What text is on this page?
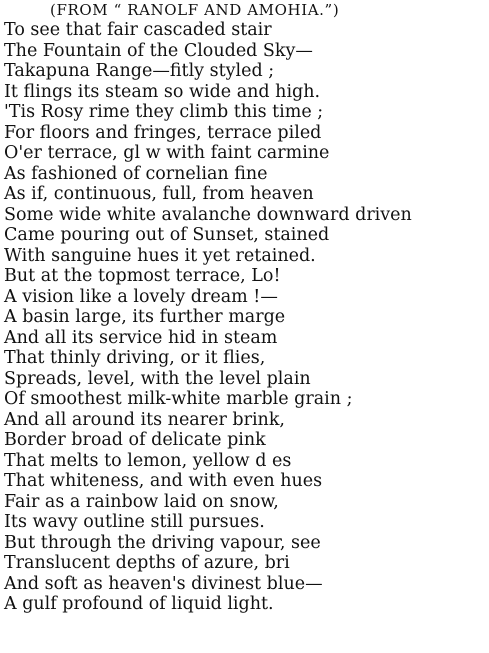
(FROM “ RANOLF AND AMOHIA.”)
To see that fair cascaded stair
The Fountain of the Clouded Sky—
Takapuna Range—fitly styled ;
It flings its steam so wide and high.
'Tis Rosy rime they climb this time ;
For floors and fringes, terrace piled
O'er terrace, gl w with faint carmine
As fashioned of cornelian fine
As if, continuous, full, from heaven
Some wide white avalanche downward driven
Came pouring out of Sunset, stained
With sanguine hues it yet retained.
But at the topmost terrace, Lo!
A vision like a lovely dream !—
A basin large, its further marge
And all its service hid in steam
That thinly driving, or it flies,
Spreads, level, with the level plain
Of smoothest milk-white marble grain ;
And all around its nearer brink,
Border broad of delicate pink
That melts to lemon, yellow d es
That whiteness, and with even hues
Fair as a rainbow laid on snow,
Its wavy outline still pursues.
But through the driving vapour, see
Translucent depths of azure, bri
And soft as heaven's divinest blue—
A gulf profound of liquid light.
